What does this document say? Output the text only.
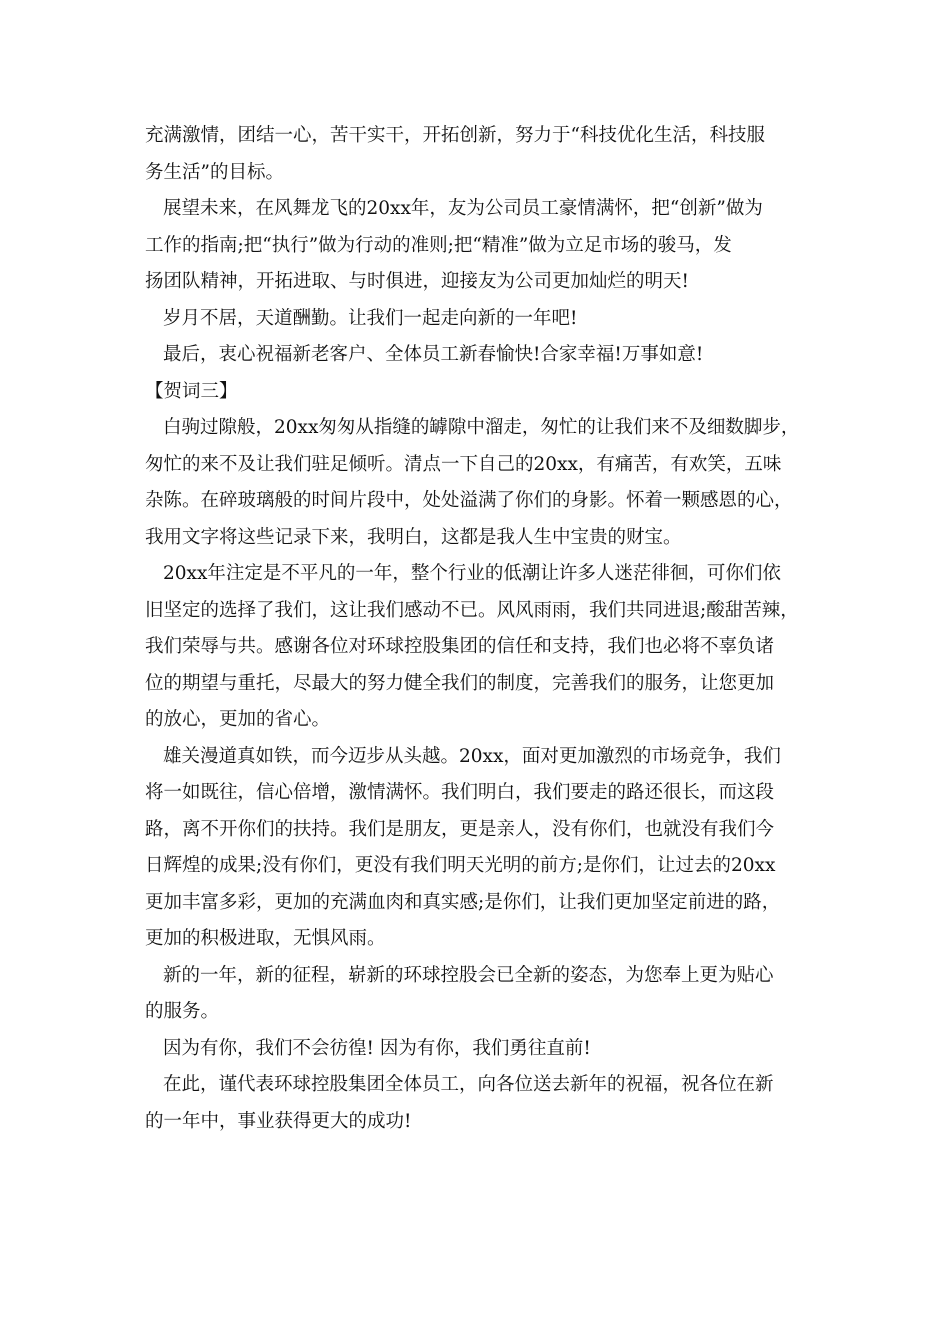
充满激情，团结一心，苦干实干，开拓创新，努力于“科技优化生活，科技服
务生活”的目标。
展望未来，在风舞龙飞的20xx年，友为公司员工豪情满怀，把“创新”做为
工作的指南;把“执行”做为行动的准则;把“精准”做为立足市场的骏马，发
扬团队精神，开拓进取、与时俱进，迎接友为公司更加灿烂的明天!
岁月不居，天道酬勤。让我们一起走向新的一年吧!
最后，衷心祝福新老客户、全体员工新春愉快!合家幸福!万事如意!
【贺词三】
白驹过隙般，20xx匆匆从指缝的罅隙中溜走，匆忙的让我们来不及细数脚步，
匆忙的来不及让我们驻足倾听。清点一下自己的20xx，有痛苦，有欢笑，五味
杂陈。在碎玻璃般的时间片段中，处处溢满了你们的身影。怀着一颗感恩的心，
我用文字将这些记录下来，我明白，这都是我人生中宝贵的财宝。
20xx年注定是不平凡的一年，整个行业的低潮让许多人迷茫徘徊，可你们依
旧坚定的选择了我们，这让我们感动不已。风风雨雨，我们共同进退;酸甜苦辣，
我们荣辱与共。感谢各位对环球控股集团的信任和支持，我们也必将不辜负诸
位的期望与重托，尽最大的努力健全我们的制度，完善我们的服务，让您更加
的放心，更加的省心。
雄关漫道真如铁，而今迈步从头越。20xx，面对更加激烈的市场竞争，我们
将一如既往，信心倍增，激情满怀。我们明白，我们要走的路还很长，而这段
路，离不开你们的扶持。我们是朋友，更是亲人，没有你们，也就没有我们今
日辉煌的成果;没有你们，更没有我们明天光明的前方;是你们，让过去的20xx
更加丰富多彩，更加的充满血肉和真实感;是你们，让我们更加坚定前进的路，
更加的积极进取，无惧风雨。
新的一年，新的征程，崭新的环球控股会已全新的姿态，为您奉上更为贴心
的服务。
因为有你，我们不会彷徨! 因为有你，我们勇往直前!
在此，谨代表环球控股集团全体员工，向各位送去新年的祝福，祝各位在新
的一年中，事业获得更大的成功!
